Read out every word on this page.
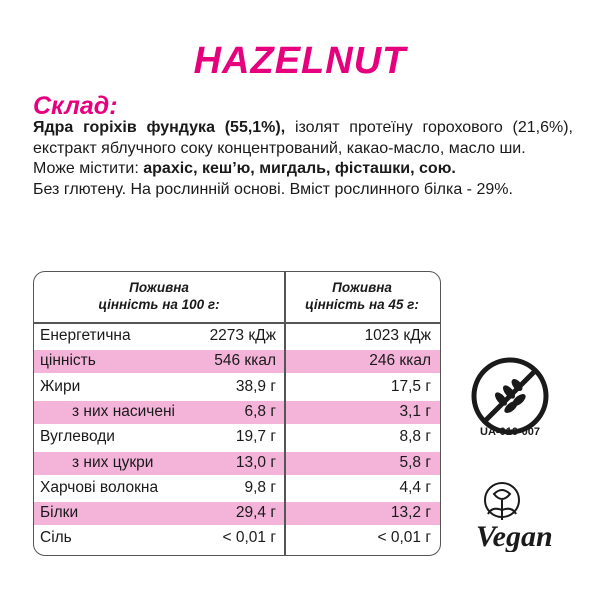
HAZELNUT
Склад:
Ядра горіхів фундука (55,1%), ізолят протеїну горохового (21,6%), екстракт яблучного соку концентрований, какао-масло, масло ши.
Може містити: арахіс, кеш’ю, мигдаль, фісташки, сою.
Без глютену. На рослинній основі. Вміст рослинного білка - 29%.
Поживна
цінність на 100 г:
Поживна
цінність на 45 г:
Енергетична	2273 кДж	1023 кДж
цінність	546 ккал	246 ккал
Жири	38,9 г	17,5 г
з них насичені	6,8 г	3,1 г
Вуглеводи	19,7 г	8,8 г
з них цукри	13,0 г	5,8 г
Харчові волокна	9,8 г	4,4 г
Білки	29,4 г	13,2 г
Сіль	< 0,01 г	< 0,01 г
UA-010-007
Vegan
